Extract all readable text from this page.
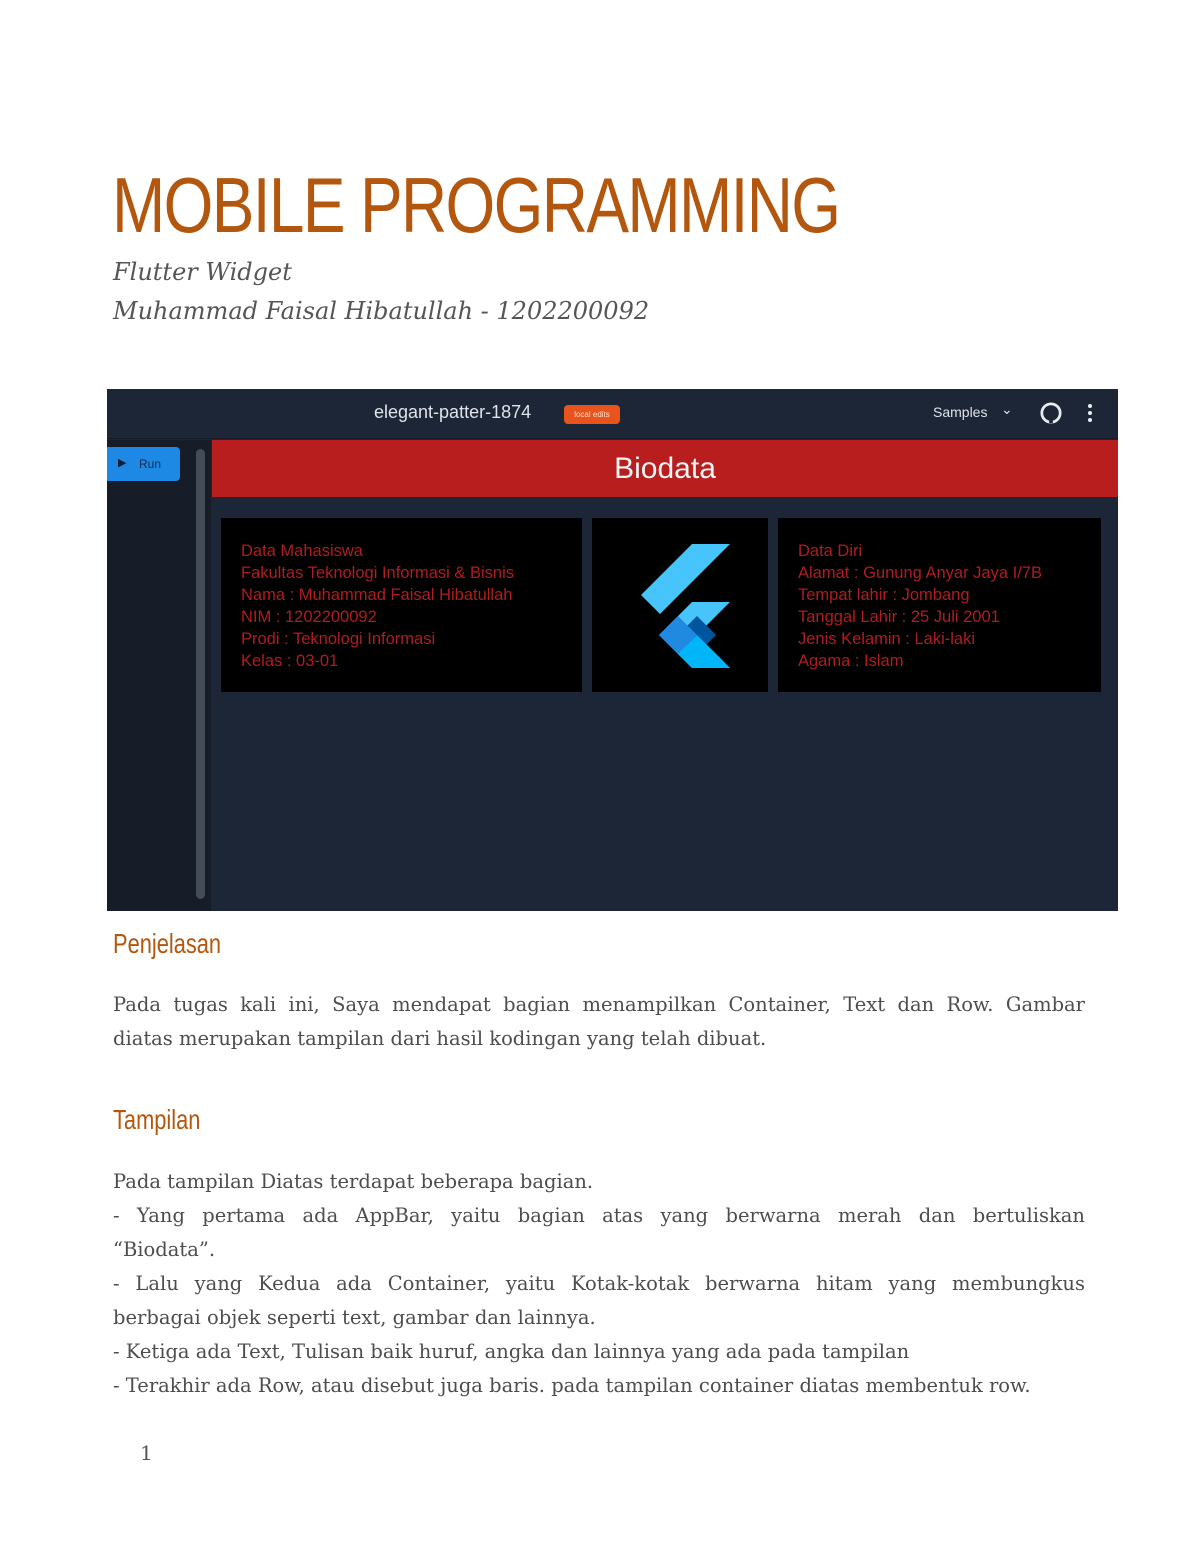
MOBILE PROGRAMMING
Flutter Widget
Muhammad Faisal Hibatullah - 1202200092
elegant-patter-1874	local edits	Samples ⌄
▶ Run	Biodata
Data Mahasiswa
Fakultas Teknologi Informasi & Bisnis
Nama : Muhammad Faisal Hibatullah
NIM : 1202200092
Prodi : Teknologi Informasi
Kelas : 03-01
Data Diri
Alamat : Gunung Anyar Jaya I/7B
Tempat lahir : Jombang
Tanggal Lahir : 25 Juli 2001
Jenis Kelamin : Laki-laki
Agama : Islam
Penjelasan
Pada tugas kali ini, Saya mendapat bagian menampilkan Container, Text dan Row. Gambar
diatas merupakan tampilan dari hasil kodingan yang telah dibuat.
Tampilan
Pada tampilan Diatas terdapat beberapa bagian.
- Yang pertama ada AppBar, yaitu bagian atas yang berwarna merah dan bertuliskan
“Biodata”.
- Lalu yang Kedua ada Container, yaitu Kotak-kotak berwarna hitam yang membungkus
berbagai objek seperti text, gambar dan lainnya.
- Ketiga ada Text, Tulisan baik huruf, angka dan lainnya yang ada pada tampilan
- Terakhir ada Row, atau disebut juga baris. pada tampilan container diatas membentuk row.
1
